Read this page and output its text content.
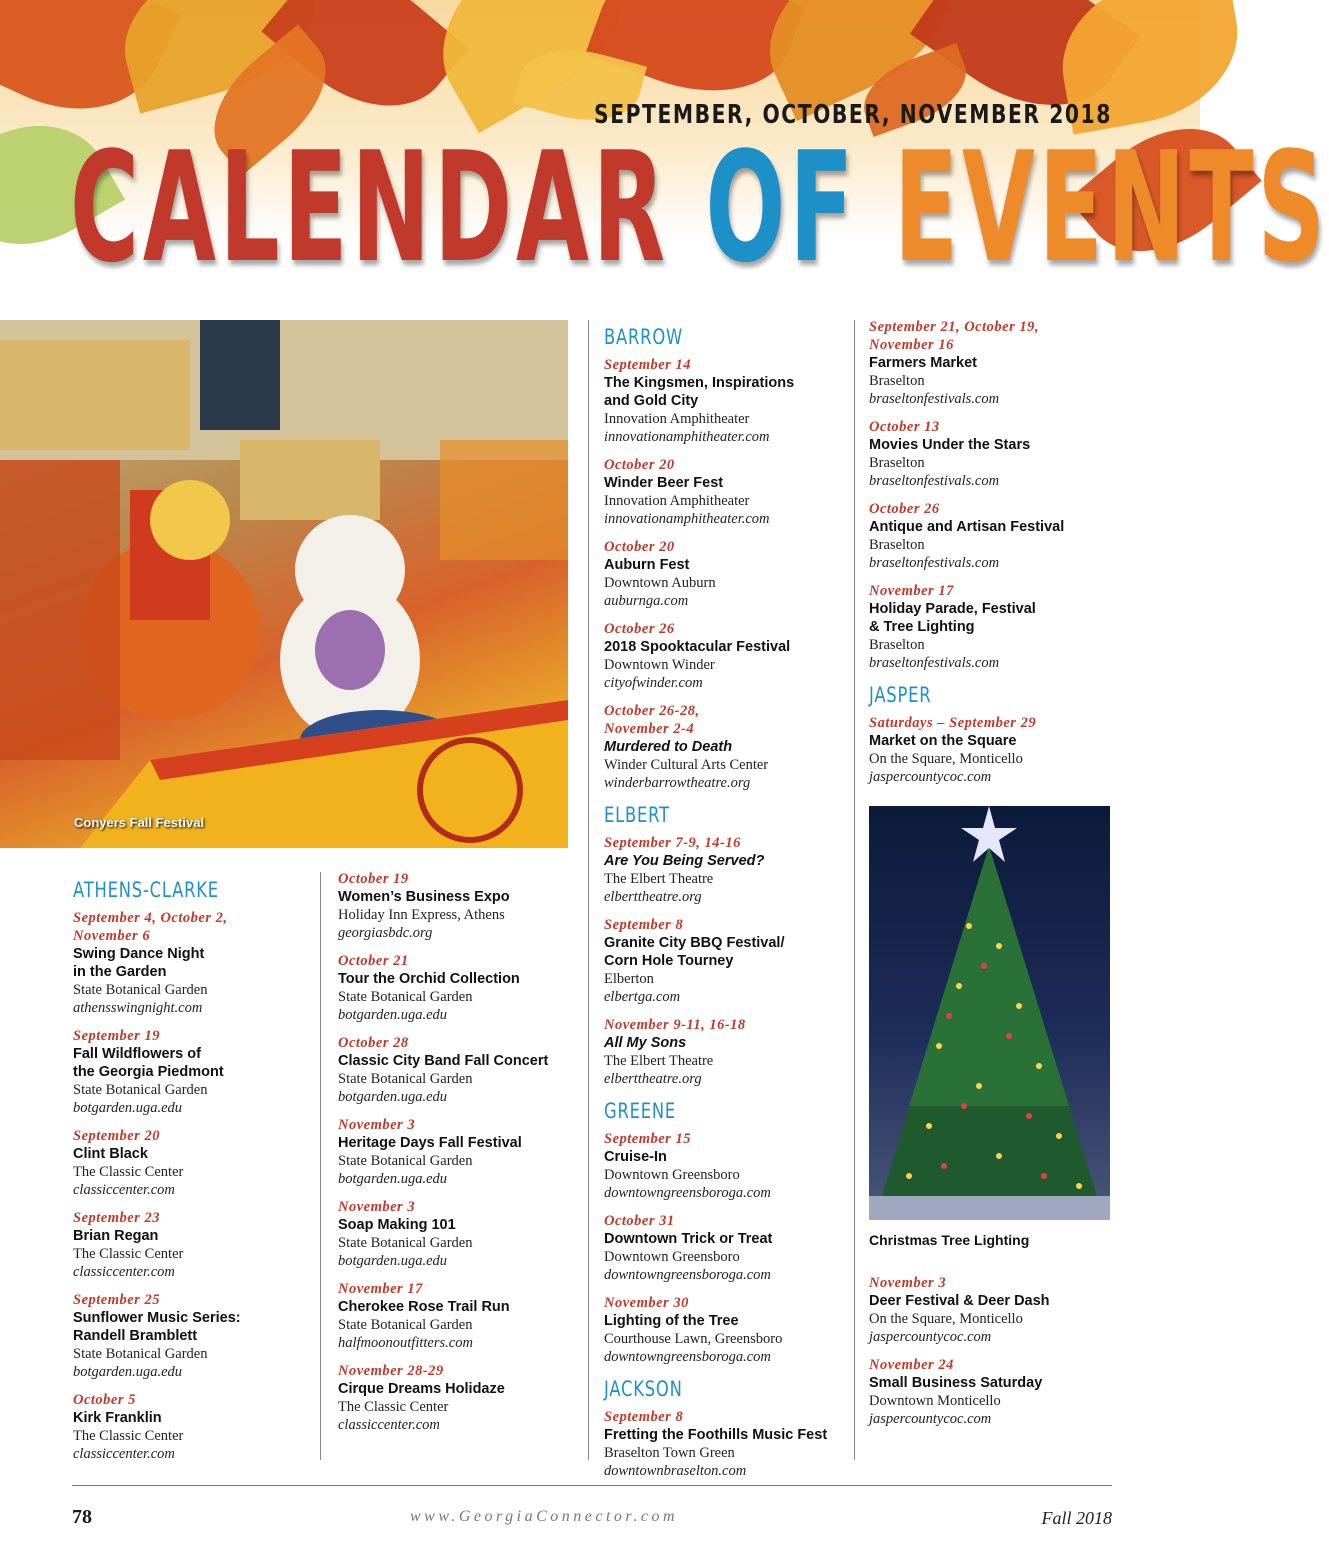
SEPTEMBER, OCTOBER, NOVEMBER 2018
CALENDAR OF EVENTS
Conyers Fall Festival
Christmas Tree Lighting
ATHENS-CLARKE
September 4, October 2,
November 6
Swing Dance Night
in the Garden
State Botanical Garden
athensswingnight.com
September 19
Fall Wildflowers of
the Georgia Piedmont
State Botanical Garden
botgarden.uga.edu
September 20
Clint Black
The Classic Center
classiccenter.com
September 23
Brian Regan
The Classic Center
classiccenter.com
September 25
Sunflower Music Series:
Randell Bramblett
State Botanical Garden
botgarden.uga.edu
October 5
Kirk Franklin
The Classic Center
classiccenter.com
October 19
Women’s Business Expo
Holiday Inn Express, Athens
georgiasbdc.org
October 21
Tour the Orchid Collection
State Botanical Garden
botgarden.uga.edu
October 28
Classic City Band Fall Concert
State Botanical Garden
botgarden.uga.edu
November 3
Heritage Days Fall Festival
State Botanical Garden
botgarden.uga.edu
November 3
Soap Making 101
State Botanical Garden
botgarden.uga.edu
November 17
Cherokee Rose Trail Run
State Botanical Garden
halfmoonoutfitters.com
November 28-29
Cirque Dreams Holidaze
The Classic Center
classiccenter.com
BARROW
September 14
The Kingsmen, Inspirations
and Gold City
Innovation Amphitheater
innovationamphitheater.com
October 20
Winder Beer Fest
Innovation Amphitheater
innovationamphitheater.com
October 20
Auburn Fest
Downtown Auburn
auburnga.com
October 26
2018 Spooktacular Festival
Downtown Winder
cityofwinder.com
October 26-28,
November 2-4
Murdered to Death
Winder Cultural Arts Center
winderbarrowtheatre.org
ELBERT
September 7-9, 14-16
Are You Being Served?
The Elbert Theatre
elberttheatre.org
September 8
Granite City BBQ Festival/
Corn Hole Tourney
Elberton
elbertga.com
November 9-11, 16-18
All My Sons
The Elbert Theatre
elberttheatre.org
GREENE
September 15
Cruise-In
Downtown Greensboro
downtowngreensboroga.com
October 31
Downtown Trick or Treat
Downtown Greensboro
downtowngreensboroga.com
November 30
Lighting of the Tree
Courthouse Lawn, Greensboro
downtowngreensboroga.com
JACKSON
September 8
Fretting the Foothills Music Fest
Braselton Town Green
downtownbraselton.com
September 21, October 19,
November 16
Farmers Market
Braselton
braseltonfestivals.com
October 13
Movies Under the Stars
Braselton
braseltonfestivals.com
October 26
Antique and Artisan Festival
Braselton
braseltonfestivals.com
November 17
Holiday Parade, Festival
& Tree Lighting
Braselton
braseltonfestivals.com
JASPER
Saturdays – September 29
Market on the Square
On the Square, Monticello
jaspercountycoc.com
November 3
Deer Festival & Deer Dash
On the Square, Monticello
jaspercountycoc.com
November 24
Small Business Saturday
Downtown Monticello
jaspercountycoc.com
78	www.GeorgiaConnector.com	Fall 2018
